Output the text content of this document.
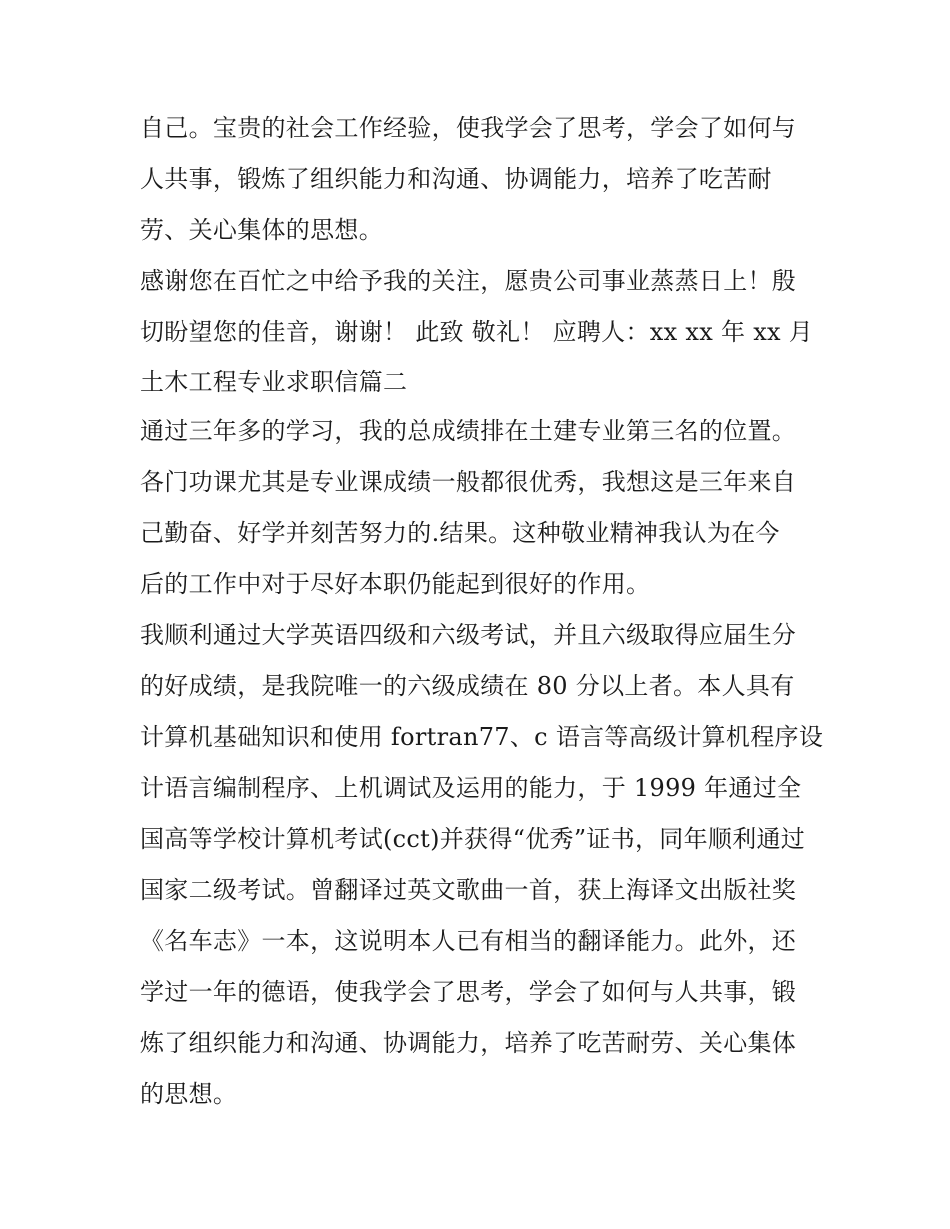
自己。宝贵的社会工作经验，使我学会了思考，学会了如何与
人共事，锻炼了组织能力和沟通、协调能力，培养了吃苦耐
劳、关心集体的思想。
感谢您在百忙之中给予我的关注，愿贵公司事业蒸蒸日上！殷
切盼望您的佳音，谢谢！ 此致 敬礼！ 应聘人：xx xx 年 xx 月
土木工程专业求职信篇二
通过三年多的学习，我的总成绩排在土建专业第三名的位置。
各门功课尤其是专业课成绩一般都很优秀，我想这是三年来自
己勤奋、好学并刻苦努力的.结果。这种敬业精神我认为在今
后的工作中对于尽好本职仍能起到很好的作用。
我顺利通过大学英语四级和六级考试，并且六级取得应届生分
的好成绩，是我院唯一的六级成绩在 80 分以上者。本人具有
计算机基础知识和使用 fortran77、c 语言等高级计算机程序设
计语言编制程序、上机调试及运用的能力，于 1999 年通过全
国高等学校计算机考试(cct)并获得“优秀”证书，同年顺利通过
国家二级考试。曾翻译过英文歌曲一首，获上海译文出版社奖
《名车志》一本，这说明本人已有相当的翻译能力。此外，还
学过一年的德语，使我学会了思考，学会了如何与人共事，锻
炼了组织能力和沟通、协调能力，培养了吃苦耐劳、关心集体
的思想。
